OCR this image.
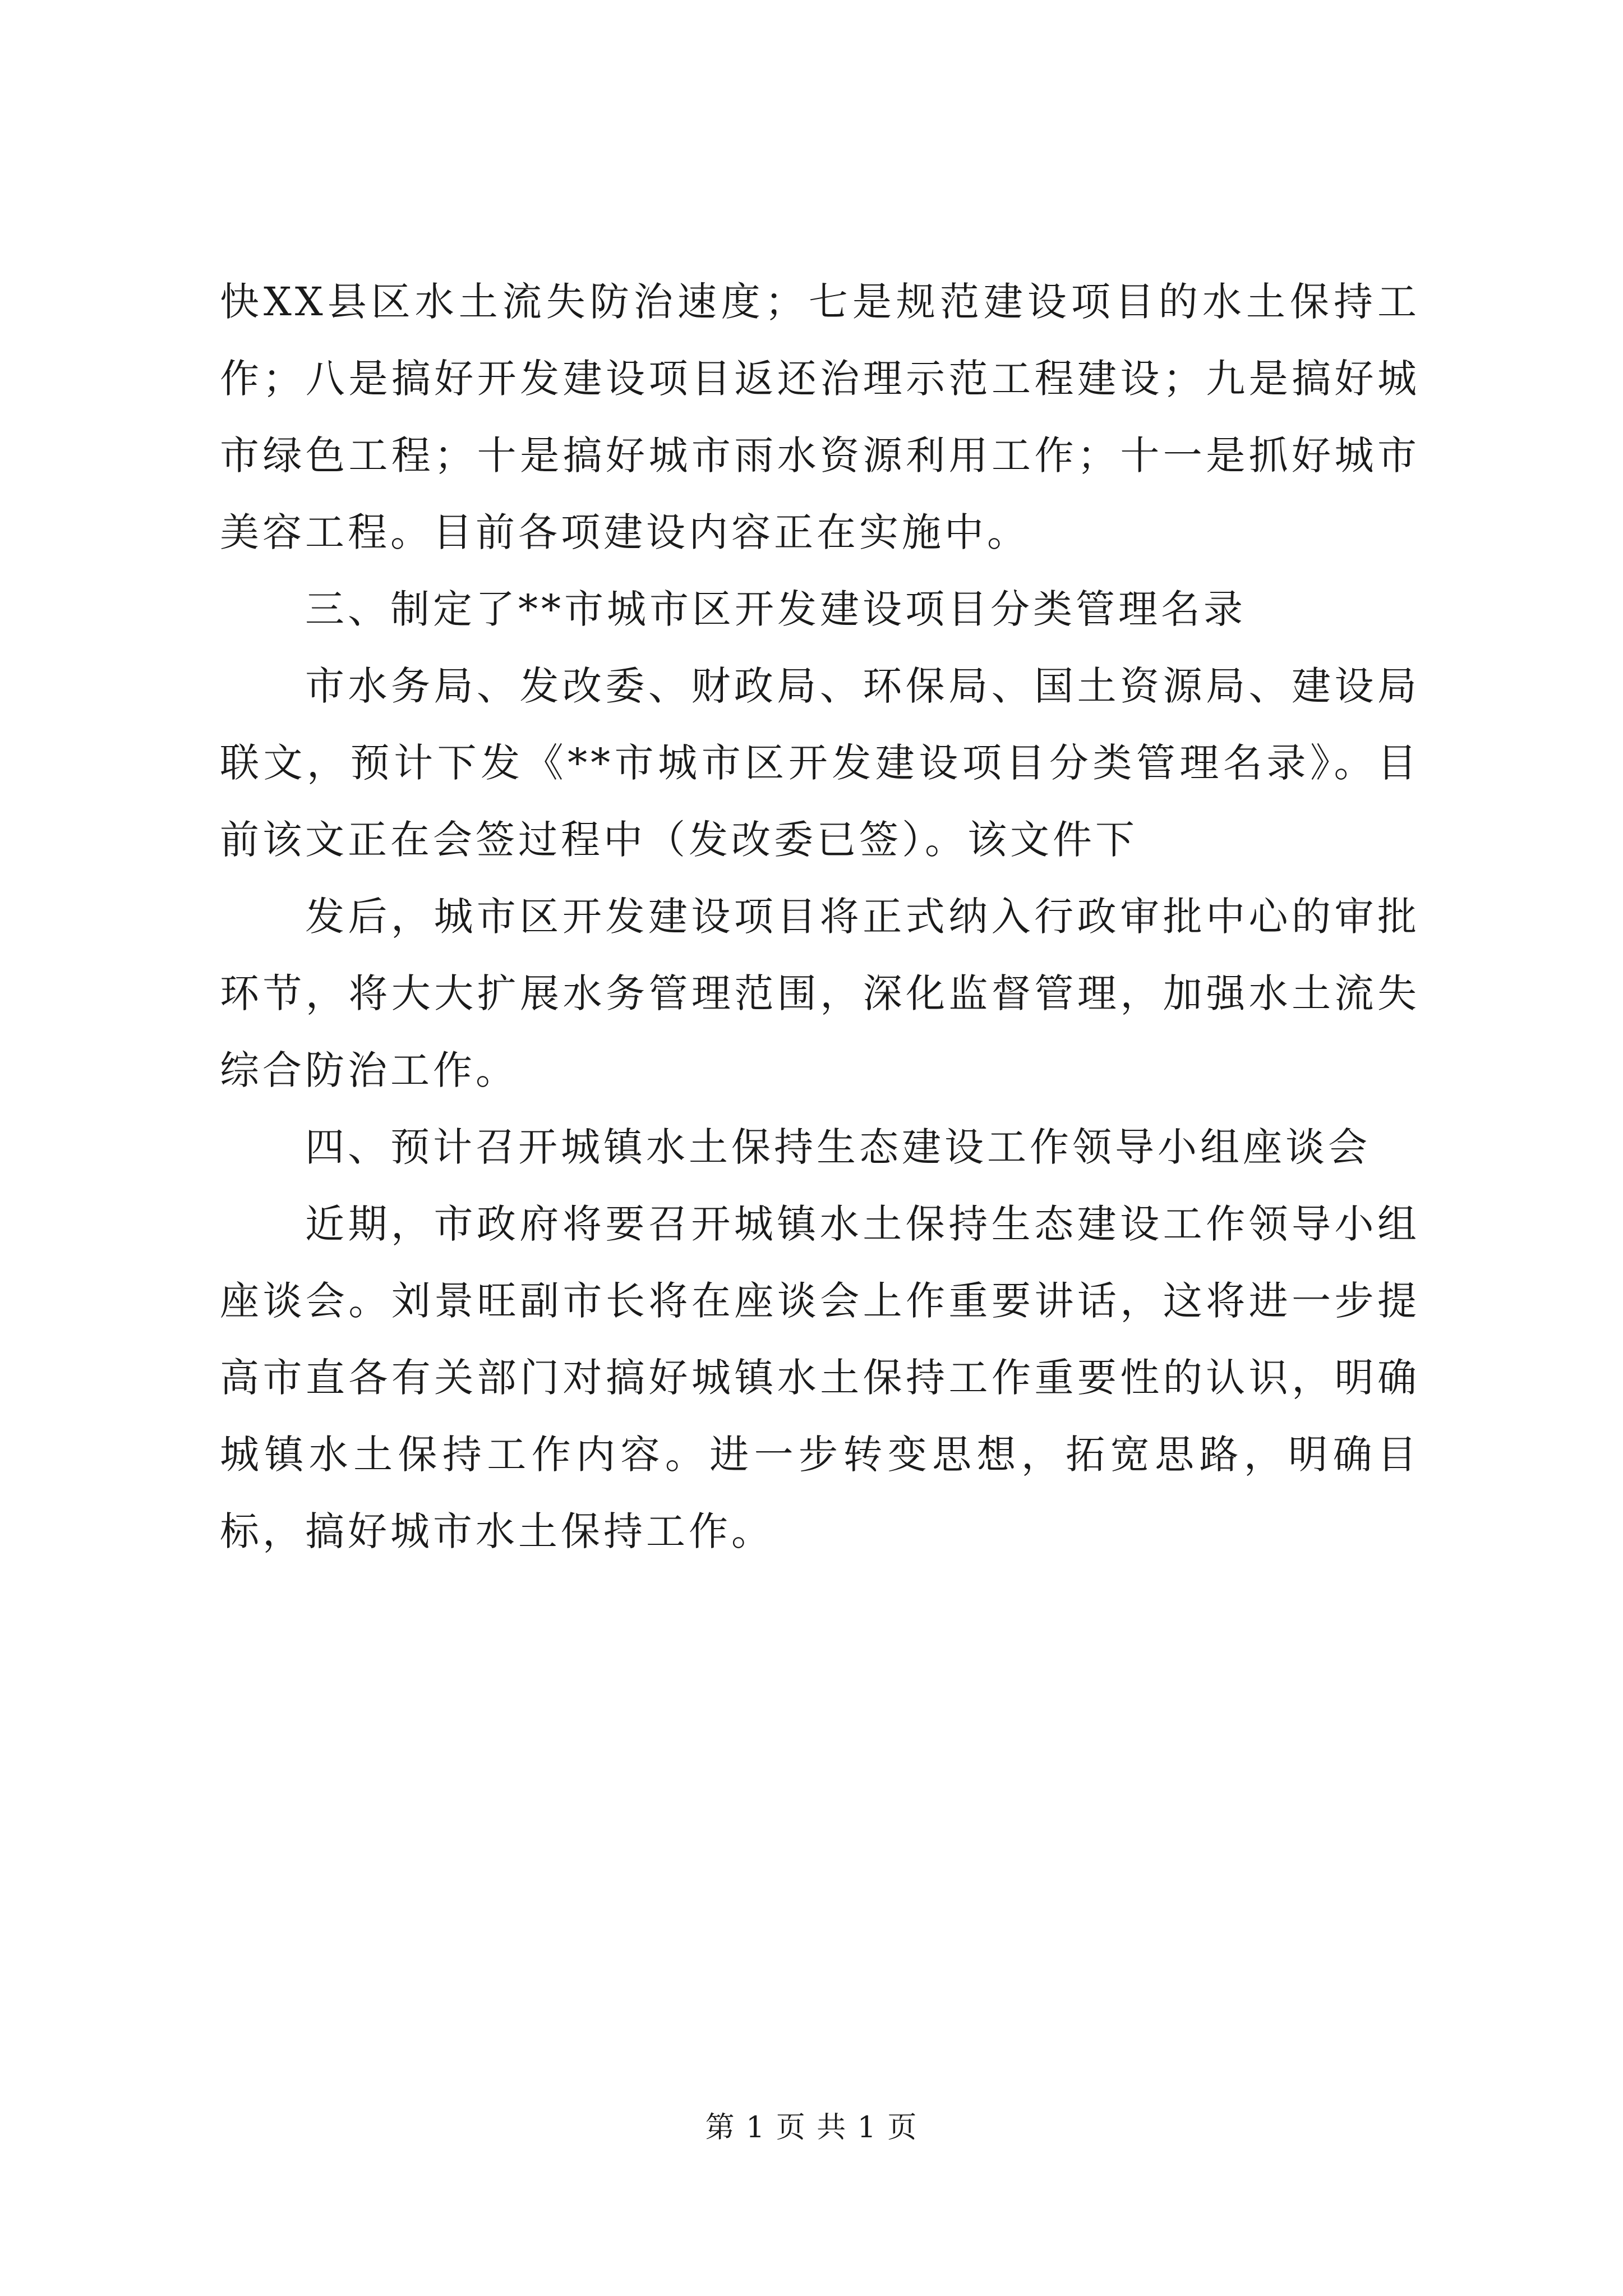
快XX县区水土流失防治速度；七是规范建设项目的水土保持工作；八是搞好开发建设项目返还治理示范工程建设；九是搞好城市绿色工程；十是搞好城市雨水资源利用工作；十一是抓好城市美容工程。目前各项建设内容正在实施中。

三、制定了**市城市区开发建设项目分类管理名录

市水务局、发改委、财政局、环保局、国土资源局、建设局联文，预计下发《**市城市区开发建设项目分类管理名录》。目前该文正在会签过程中（发改委已签）。该文件下

发后，城市区开发建设项目将正式纳入行政审批中心的审批环节，将大大扩展水务管理范围，深化监督管理，加强水土流失综合防治工作。

四、预计召开城镇水土保持生态建设工作领导小组座谈会

近期，市政府将要召开城镇水土保持生态建设工作领导小组座谈会。刘景旺副市长将在座谈会上作重要讲话，这将进一步提高市直各有关部门对搞好城镇水土保持工作重要性的认识，明确城镇水土保持工作内容。进一步转变思想，拓宽思路，明确目标，搞好城市水土保持工作。

第 1 页 共 1 页
